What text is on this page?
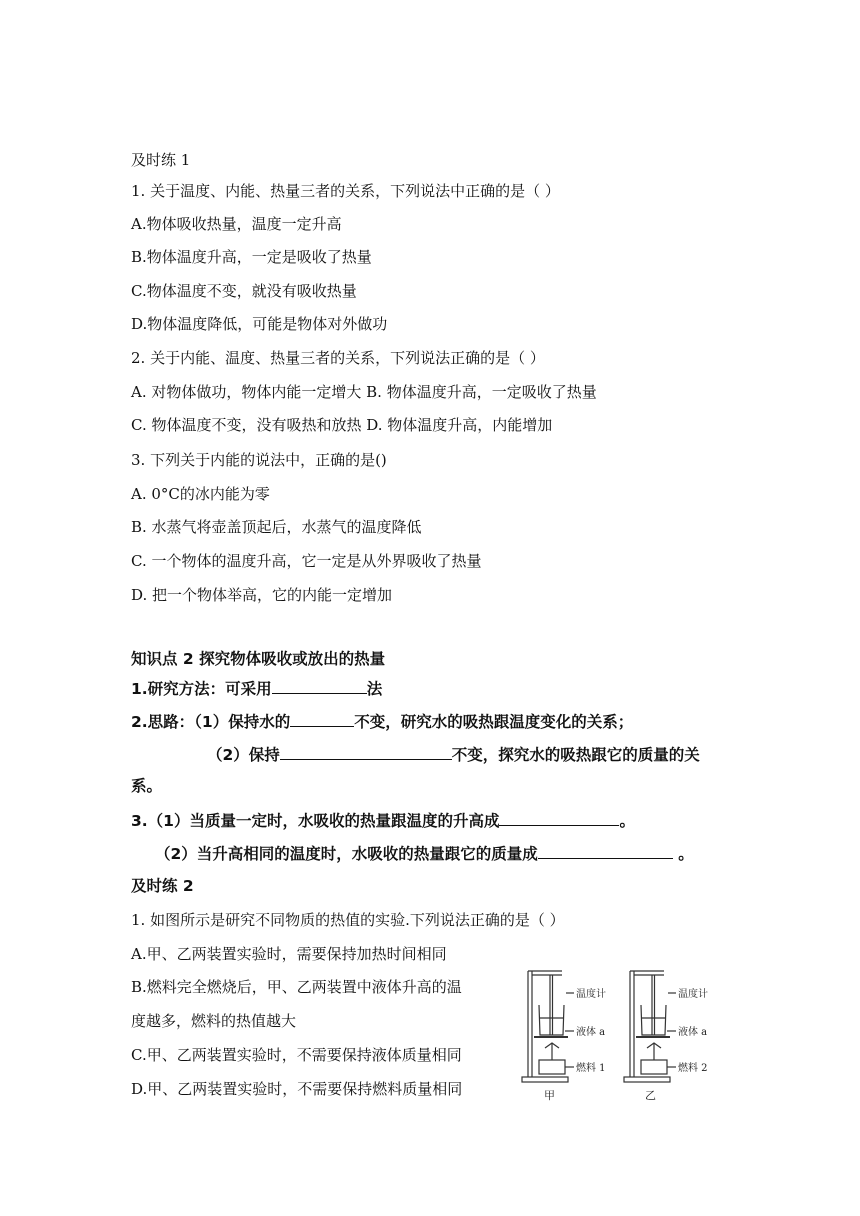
及时练 1
1. 关于温度、内能、热量三者的关系，下列说法中正确的是（ ）
A.物体吸收热量，温度一定升高
B.物体温度升高，一定是吸收了热量
C.物体温度不变，就没有吸收热量
D.物体温度降低，可能是物体对外做功
2. 关于内能、温度、热量三者的关系，下列说法正确的是（ ）
A. 对物体做功，物体内能一定增大 B. 物体温度升高，一定吸收了热量
C. 物体温度不变，没有吸热和放热 D. 物体温度升高，内能增加
3. 下列关于内能的说法中，正确的是()
A. 0°C的冰内能为零
B. 水蒸气将壶盖顶起后，水蒸气的温度降低
C. 一个物体的温度升高，它一定是从外界吸收了热量
D. 把一个物体举高，它的内能一定增加
知识点 2 探究物体吸收或放出的热量
1.研究方法：可采用	法
2.思路：（1）保持水的	不变，研究水的吸热跟温度变化的关系；
（2）保持	不变，探究水的吸热跟它的质量的关
系。
3.（1）当质量一定时，水吸收的热量跟温度的升高成	。
（2）当升高相同的温度时，水吸收的热量跟它的质量成	。
及时练 2
1. 如图所示是研究不同物质的热值的实验.下列说法正确的是（ ）
A.甲、乙两装置实验时，需要保持加热时间相同
B.燃料完全燃烧后，甲、乙两装置中液体升高的温
度越多，燃料的热值越大
C.甲、乙两装置实验时，不需要保持液体质量相同
D.甲、乙两装置实验时，不需要保持燃料质量相同
温度计
液体 a
燃料 1
温度计
液体 a
燃料 2
甲	乙
